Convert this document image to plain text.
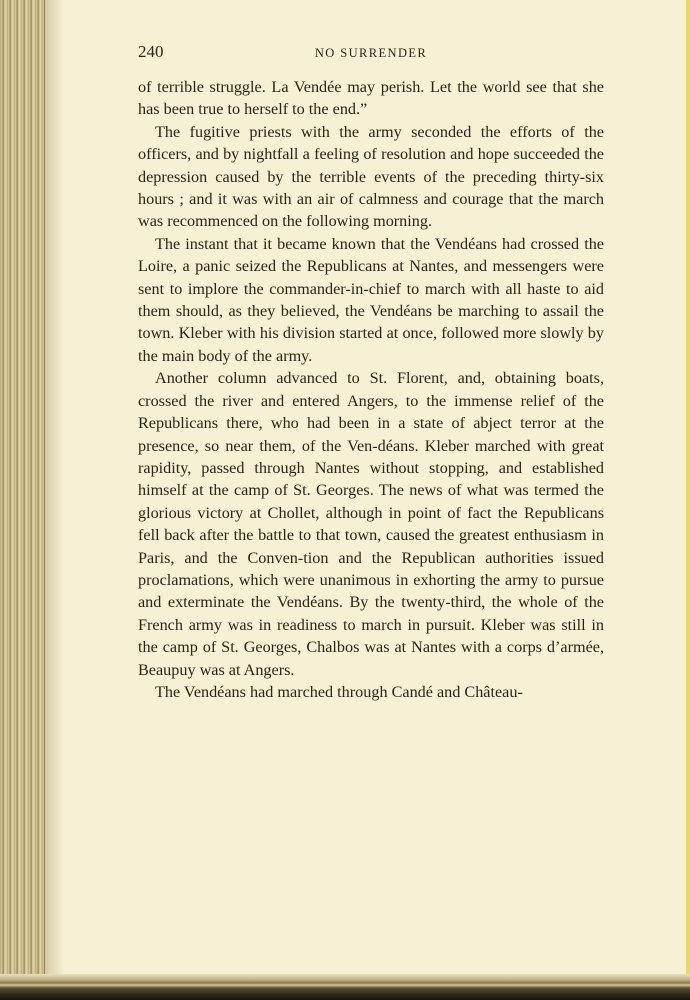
240	NO SURRENDER

of terrible struggle. La Vendée may perish. Let the world see that she has been true to herself to the end.”

The fugitive priests with the army seconded the efforts of the officers, and by nightfall a feeling of resolution and hope succeeded the depression caused by the terrible events of the preceding thirty-six hours ; and it was with an air of calmness and courage that the march was recommenced on the following morning.

The instant that it became known that the Vendéans had crossed the Loire, a panic seized the Republicans at Nantes, and messengers were sent to implore the commander-in-chief to march with all haste to aid them should, as they believed, the Vendéans be marching to assail the town. Kleber with his division started at once, followed more slowly by the main body of the army.

Another column advanced to St. Florent, and, obtaining boats, crossed the river and entered Angers, to the immense relief of the Republicans there, who had been in a state of abject terror at the presence, so near them, of the Ven-déans. Kleber marched with great rapidity, passed through Nantes without stopping, and established himself at the camp of St. Georges. The news of what was termed the glorious victory at Chollet, although in point of fact the Republicans fell back after the battle to that town, caused the greatest enthusiasm in Paris, and the Conven-tion and the Republican authorities issued proclamations, which were unanimous in exhorting the army to pursue and exterminate the Vendéans. By the twenty-third, the whole of the French army was in readiness to march in pursuit. Kleber was still in the camp of St. Georges, Chalbos was at Nantes with a corps d’armée, Beaupuy was at Angers.

The Vendéans had marched through Candé and Château-
